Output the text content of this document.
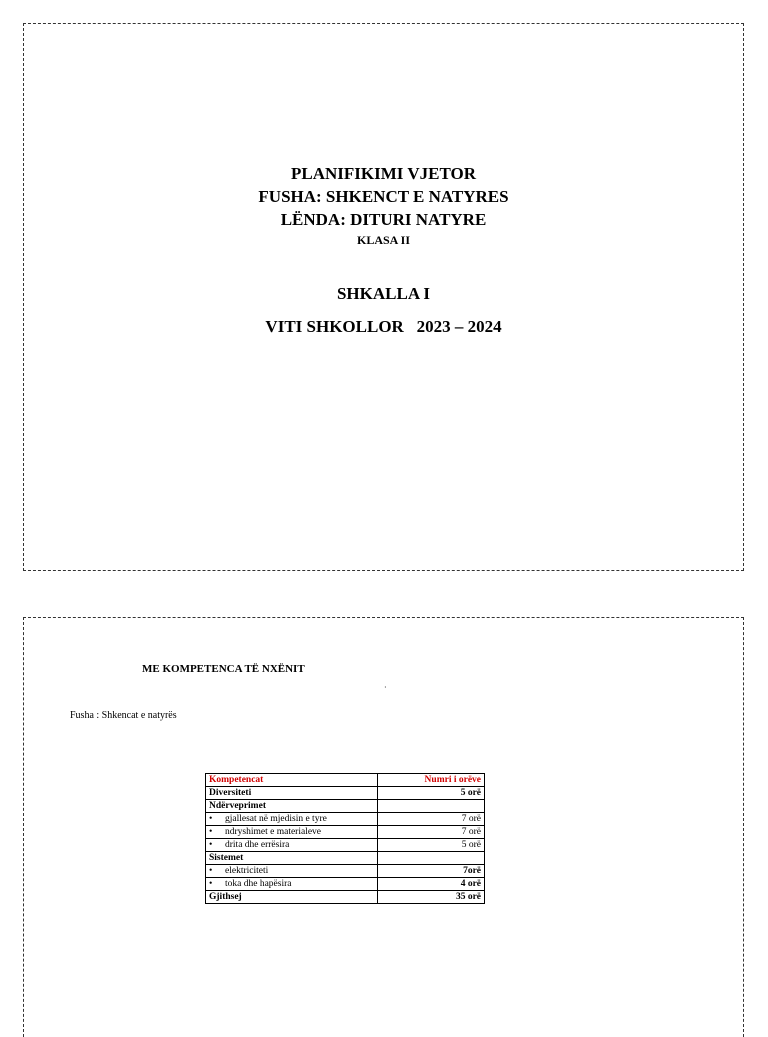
PLANIFIKIMI VJETOR
FUSHA: SHKENCT E NATYRES
LËNDA: DITURI NATYRE
KLASA II
SHKALLA I
VITI SHKOLLOR   2023 – 2024
ME KOMPETENCA TË NXËNIT
·
Fusha : Shkencat e natyrës
Kompetencat	Numri i orëve
Diversiteti	5 orë
Ndërveprimet	
• gjallesat në mjedisin e tyre	7 orë
• ndryshimet e materialeve	7 orë
• drita dhe errësira	5 orë
Sistemet	
• elektriciteti	7orë
• toka dhe hapësira	4 orë
Gjithsej	35 orë
